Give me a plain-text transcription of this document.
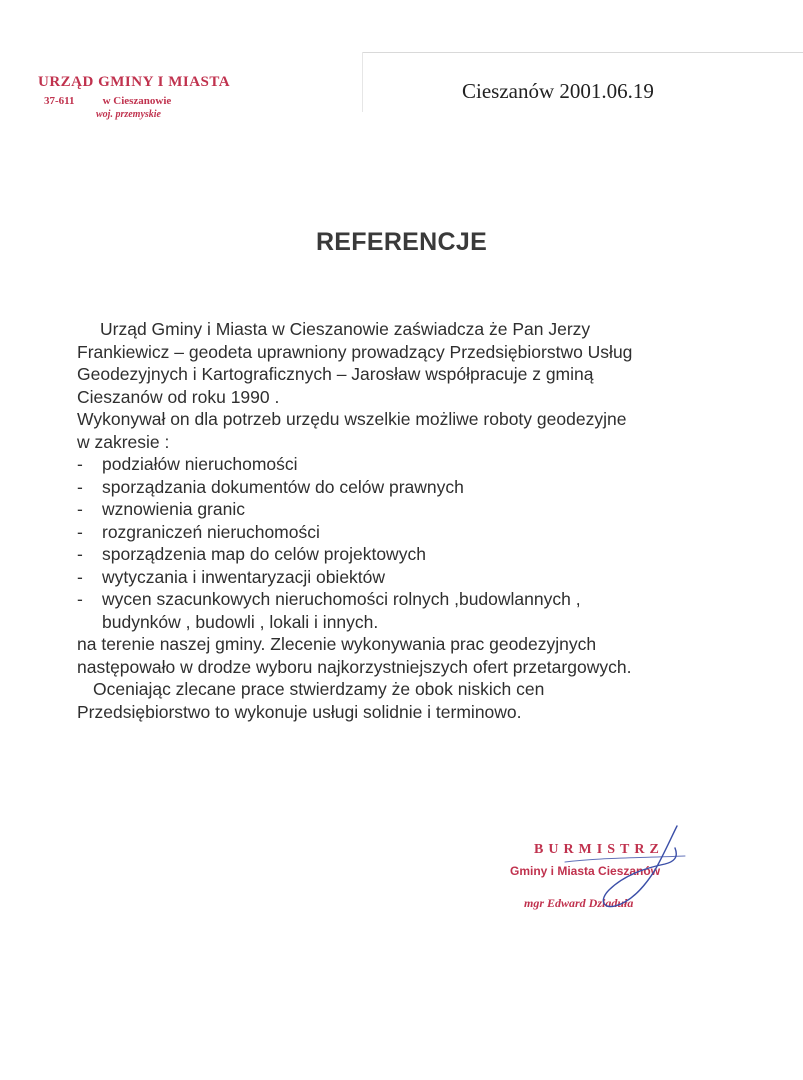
URZĄD GMINY I MIASTA
37-611	w Cieszanowie
woj. przemyskie
Cieszanów 2001.06.19
REFERENCJE
Urząd Gminy i Miasta w Cieszanowie zaświadcza że Pan Jerzy
Frankiewicz – geodeta uprawniony prowadzący Przedsiębiorstwo Usług
Geodezyjnych i Kartograficznych – Jarosław współpracuje z gminą
Cieszanów od roku 1990 .
Wykonywał on dla potrzeb urzędu wszelkie możliwe roboty geodezyjne
w zakresie :
- podziałów nieruchomości
- sporządzania dokumentów do celów prawnych
- wznowienia granic
- rozgraniczeń nieruchomości
- sporządzenia map do celów projektowych
- wytyczania i inwentaryzacji obiektów
- wycen szacunkowych nieruchomości rolnych ,budowlannych ,
budynków , budowli , lokali i innych.
na terenie naszej gminy. Zlecenie wykonywania prac geodezyjnych
następowało w drodze wyboru najkorzystniejszych ofert przetargowych.
Oceniając zlecane prace stwierdzamy że obok niskich cen
Przedsiębiorstwo to wykonuje usługi solidnie i terminowo.
BURMISTRZ
Gminy i Miasta Cieszanów
mgr Edward Dziaduła
